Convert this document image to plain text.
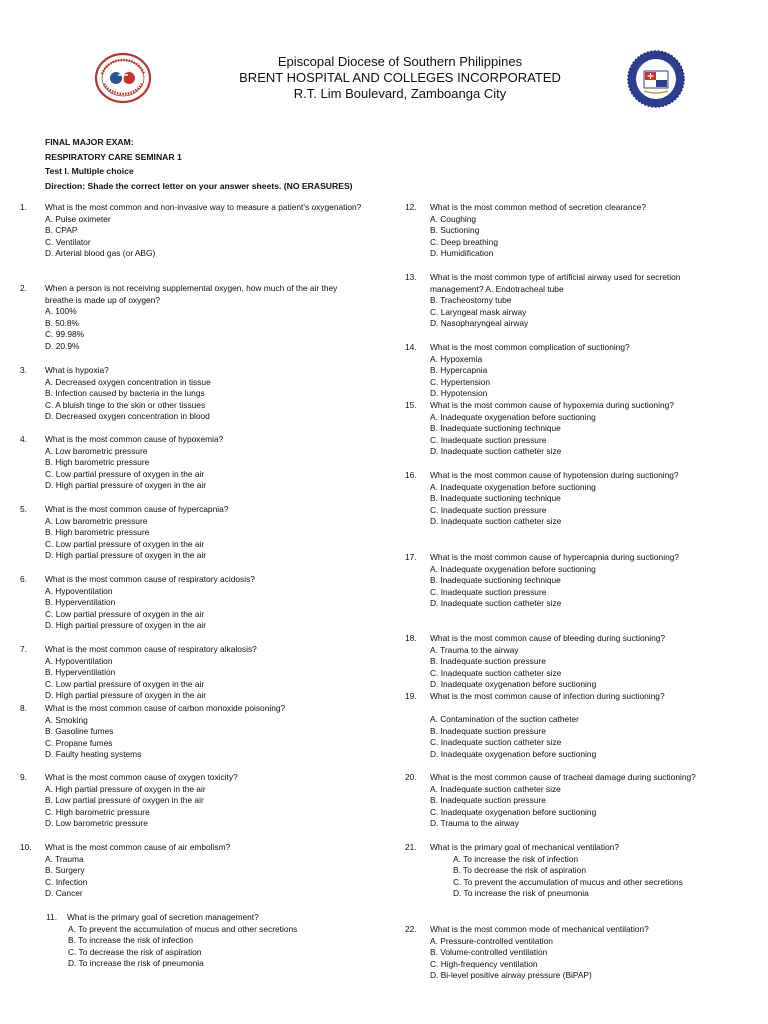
Episcopal Diocese of Southern Philippines
BRENT HOSPITAL AND COLLEGES INCORPORATED
R.T. Lim Boulevard, Zamboanga City
FINAL MAJOR EXAM:
RESPIRATORY CARE SEMINAR 1
Test I. Multiple choice
Direction: Shade the correct letter on your answer sheets. (NO ERASURES)
1. What is the most common and non-invasive way to measure a patient's oxygenation?
A. Pulse oximeter
B. CPAP
C. Ventilator
D. Arterial blood gas (or ABG)
2. When a person is not receiving supplemental oxygen, how much of the air they breathe is made up of oxygen?
A. 100%
B. 50.8%
C. 99.98%
D. 20.9%
3. What is hypoxia?
A. Decreased oxygen concentration in tissue
B. Infection caused by bacteria in the lungs
C. A bluish tinge to the skin or other tissues
D. Decreased oxygen concentration in blood
4. What is the most common cause of hypoxemia?
A. Low barometric pressure
B. High barometric pressure
C. Low partial pressure of oxygen in the air
D. High partial pressure of oxygen in the air
5. What is the most common cause of hypercapnia?
A. Low barometric pressure
B. High barometric pressure
C. Low partial pressure of oxygen in the air
D. High partial pressure of oxygen in the air
6. What is the most common cause of respiratory acidosis?
A. Hypoventilation
B. Hyperventilation
C. Low partial pressure of oxygen in the air
D. High partial pressure of oxygen in the air
7. What is the most common cause of respiratory alkalosis?
A. Hypoventilation
B. Hyperventilation
C. Low partial pressure of oxygen in the air
D. High partial pressure of oxygen in the air
8. What is the most common cause of carbon monoxide poisoning?
A. Smoking
B. Gasoline fumes
C. Propane fumes
D. Faulty heating systems
9. What is the most common cause of oxygen toxicity?
A. High partial pressure of oxygen in the air
B. Low partial pressure of oxygen in the air
C. High barometric pressure
D. Low barometric pressure
10. What is the most common cause of air embolism?
A. Trauma
B. Surgery
C. Infection
D. Cancer
11. What is the primary goal of secretion management?
A. To prevent the accumulation of mucus and other secretions
B. To increase the risk of infection
C. To decrease the risk of aspiration
D. To increase the risk of pneumonia
12. What is the most common method of secretion clearance?
A. Coughing
B. Suctioning
C. Deep breathing
D. Humidification
13. What is the most common type of artificial airway used for secretion management? A. Endotracheal tube
B. Tracheostomy tube
C. Laryngeal mask airway
D. Nasopharyngeal airway
14. What is the most common complication of suctioning?
A. Hypoxemia
B. Hypercapnia
C. Hypertension
D. Hypotension
15. What is the most common cause of hypoxemia during suctioning?
A. Inadequate oxygenation before suctioning
B. Inadequate suctioning technique
C. Inadequate suction pressure
D. Inadequate suction catheter size
16. What is the most common cause of hypotension during suctioning?
A. Inadequate oxygenation before suctioning
B. Inadequate suctioning technique
C. Inadequate suction pressure
D. Inadequate suction catheter size
17. What is the most common cause of hypercapnia during suctioning?
A. Inadequate oxygenation before suctioning
B. Inadequate suctioning technique
C. Inadequate suction pressure
D. Inadequate suction catheter size
18. What is the most common cause of bleeding during suctioning?
A. Trauma to the airway
B. Inadequate suction pressure
C. Inadequate suction catheter size
D. Inadequate oxygenation before suctioning
19. What is the most common cause of infection during suctioning?
A. Contamination of the suction catheter
B. Inadequate suction pressure
C. Inadequate suction catheter size
D. Inadequate oxygenation before suctioning
20. What is the most common cause of tracheal damage during suctioning?
A. Inadequate suction catheter size
B. Inadequate suction pressure
C. Inadequate oxygenation before suctioning
D. Trauma to the airway
21. What is the primary goal of mechanical ventilation?
A. To increase the risk of infection
B. To decrease the risk of aspiration
C. To prevent the accumulation of mucus and other secretions
D. To increase the risk of pneumonia
22. What is the most common mode of mechanical ventilation?
A. Pressure-controlled ventilation
B. Volume-controlled ventilation
C. High-frequency ventilation
D. Bi-level positive airway pressure (BiPAP)
